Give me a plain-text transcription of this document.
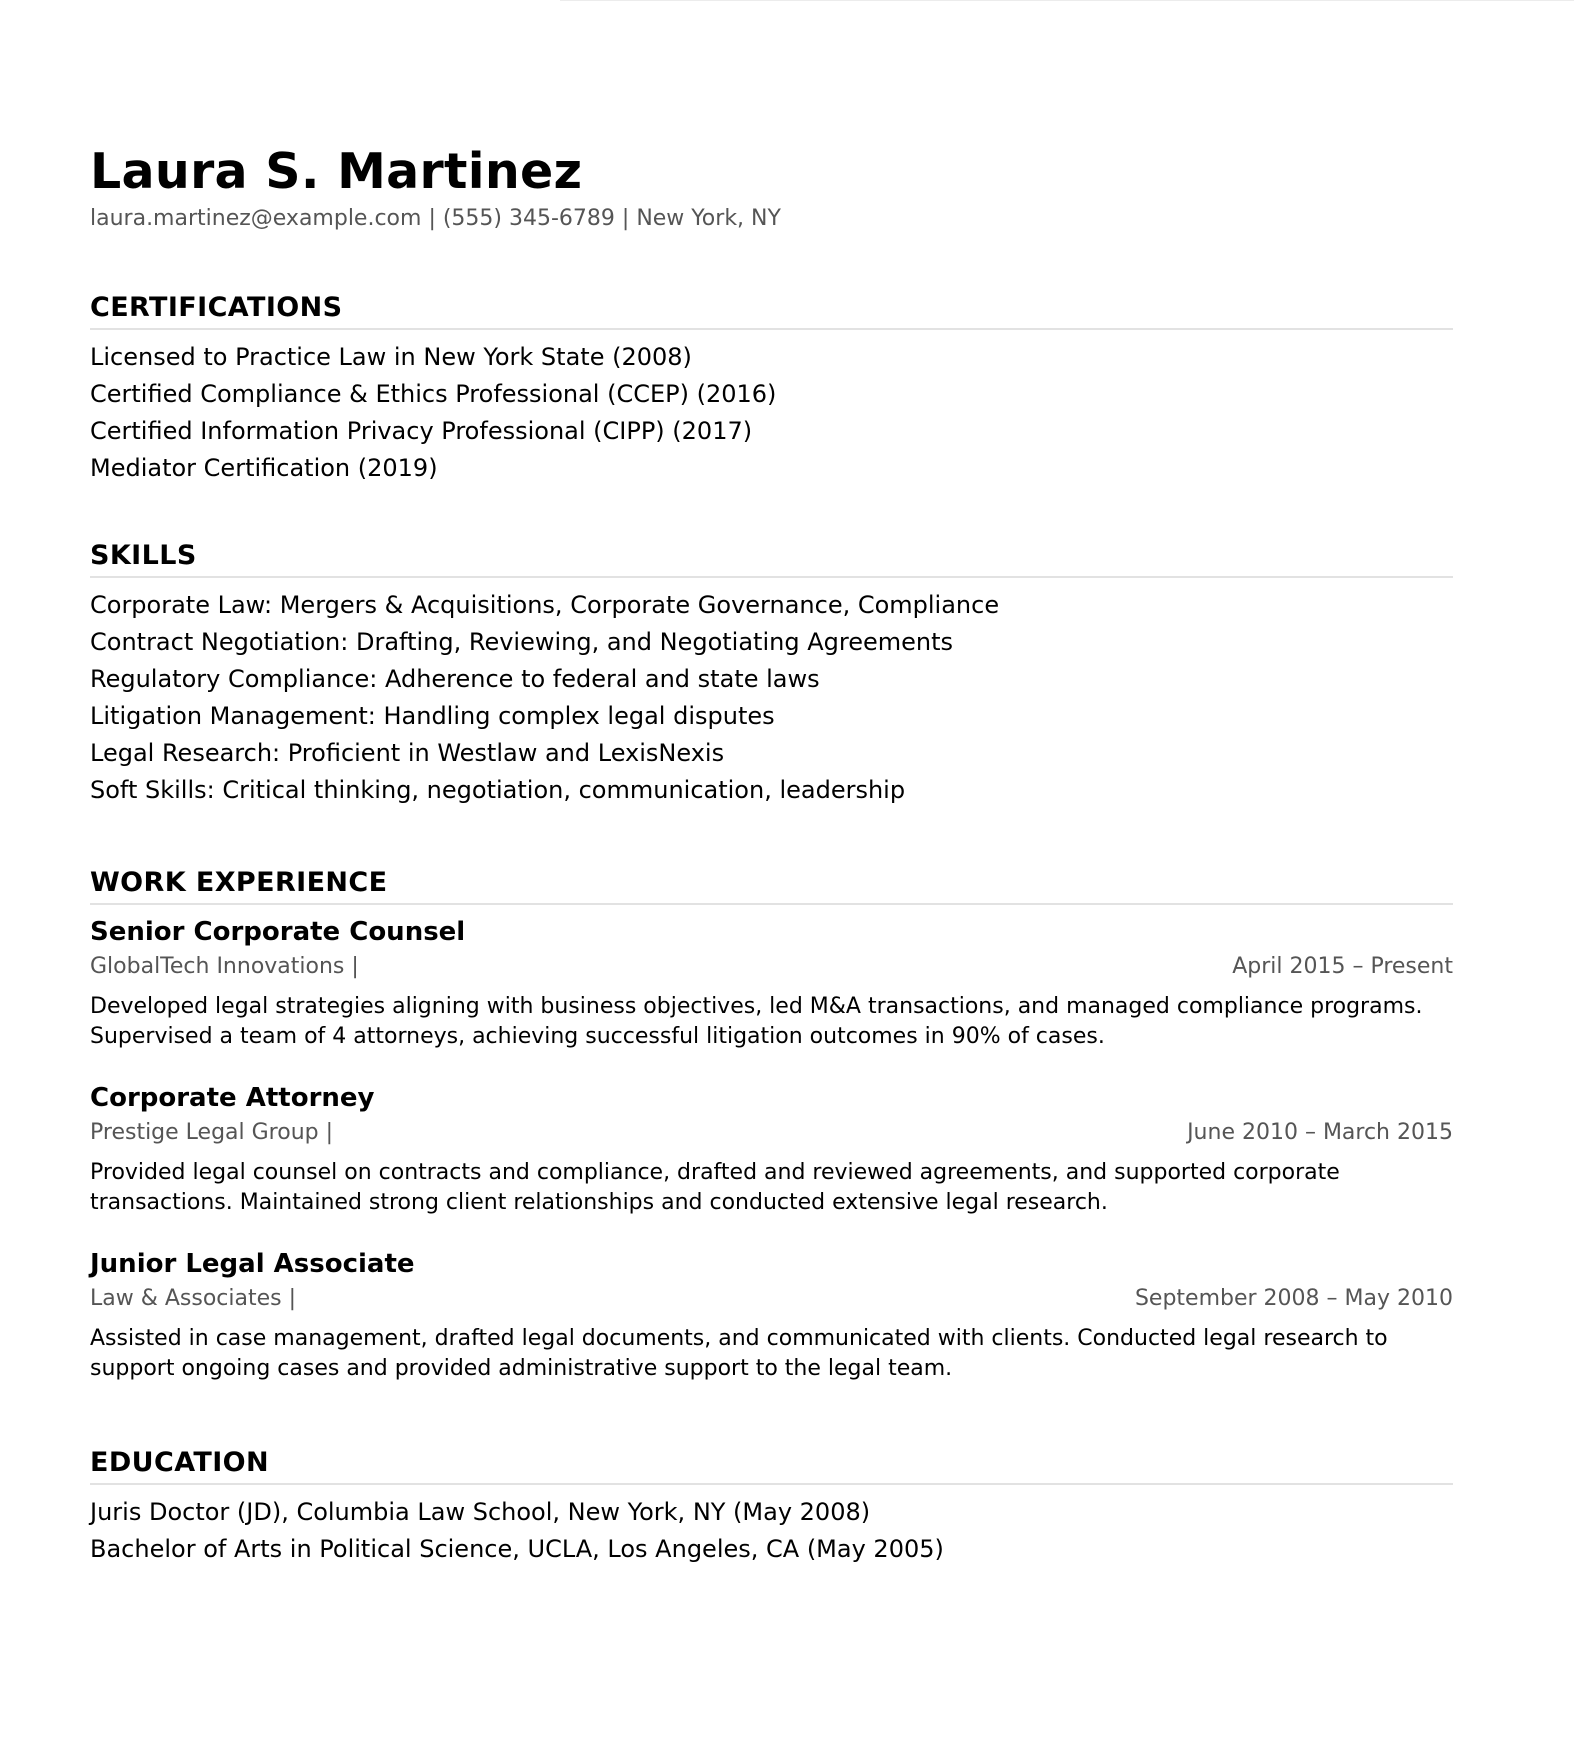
Laura S. Martinez
laura.martinez@example.com | (555) 345-6789 | New York, NY
CERTIFICATIONS
Licensed to Practice Law in New York State (2008)
Certified Compliance & Ethics Professional (CCEP) (2016)
Certified Information Privacy Professional (CIPP) (2017)
Mediator Certification (2019)
SKILLS
Corporate Law: Mergers & Acquisitions, Corporate Governance, Compliance
Contract Negotiation: Drafting, Reviewing, and Negotiating Agreements
Regulatory Compliance: Adherence to federal and state laws
Litigation Management: Handling complex legal disputes
Legal Research: Proficient in Westlaw and LexisNexis
Soft Skills: Critical thinking, negotiation, communication, leadership
WORK EXPERIENCE
Senior Corporate Counsel
GlobalTech Innovations |	April 2015 – Present
Developed legal strategies aligning with business objectives, led M&A transactions, and managed compliance programs. Supervised a team of 4 attorneys, achieving successful litigation outcomes in 90% of cases.
Corporate Attorney
Prestige Legal Group |	June 2010 – March 2015
Provided legal counsel on contracts and compliance, drafted and reviewed agreements, and supported corporate transactions. Maintained strong client relationships and conducted extensive legal research.
Junior Legal Associate
Law & Associates |	September 2008 – May 2010
Assisted in case management, drafted legal documents, and communicated with clients. Conducted legal research to support ongoing cases and provided administrative support to the legal team.
EDUCATION
Juris Doctor (JD), Columbia Law School, New York, NY (May 2008)
Bachelor of Arts in Political Science, UCLA, Los Angeles, CA (May 2005)
